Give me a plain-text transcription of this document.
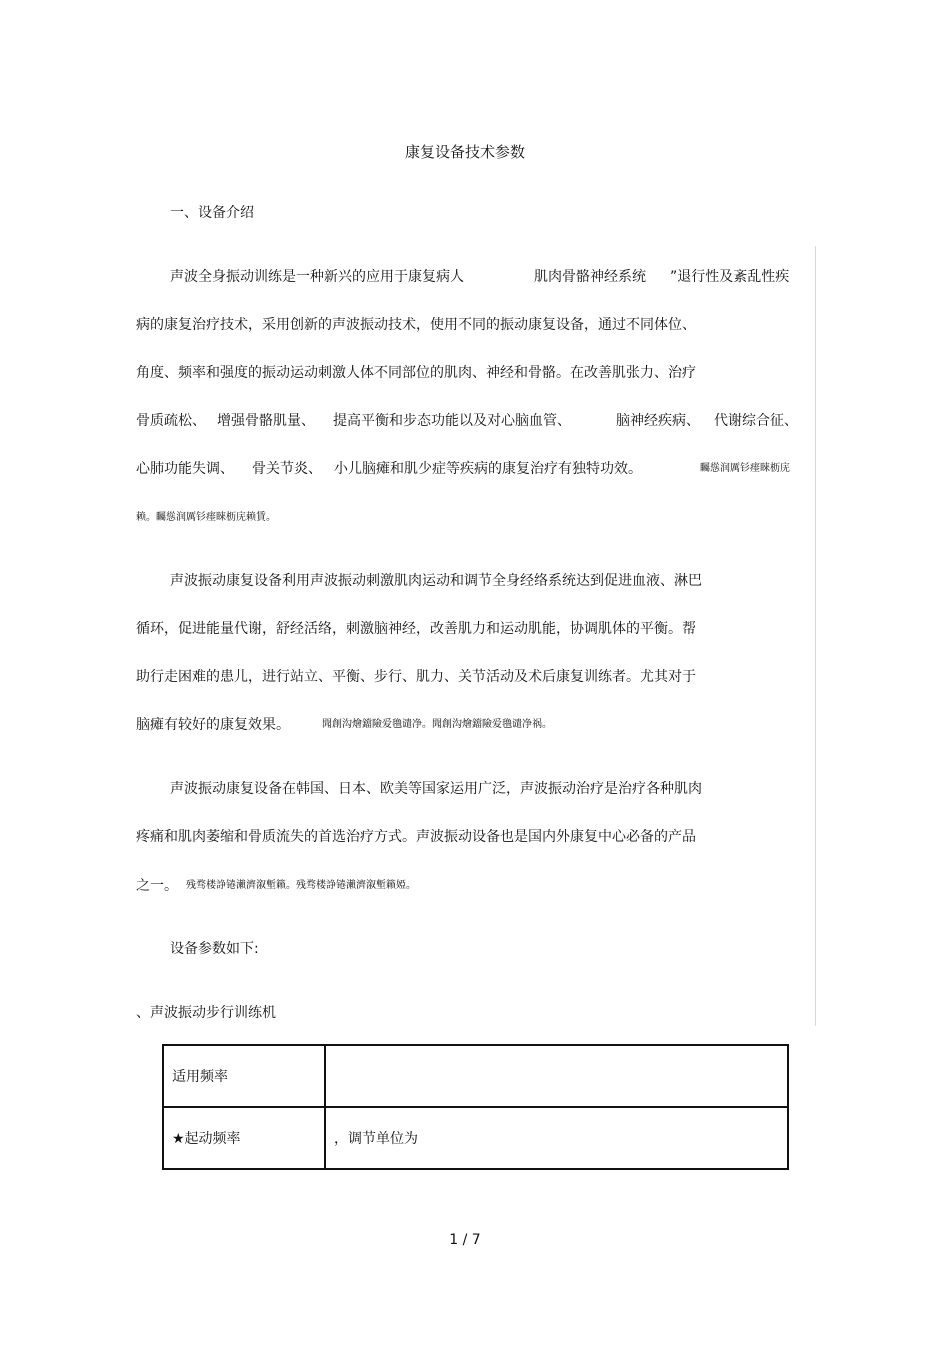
康复设备技术参数
一、设备介绍
声波全身振动训练是一种新兴的应用于康复病人	肌肉骨骼神经系统 ”退行性及紊乱性疾
病的康复治疗技术，采用创新的声波振动技术，使用不同的振动康复设备，通过不同体位、
角度、频率和强度的振动运动刺激人体不同部位的肌肉、神经和骨骼。在改善肌张力、治疗
骨质疏松、 增强骨骼肌量、 提高平衡和步态功能以及对心脑血管、	脑神经疾病、 代谢综合征、
心肺功能失调、 骨关节炎、 小儿脑瘫和肌少症等疾病的康复治疗有独特功效。	矚慫润厲钐瘗睞枥庑
赖。矚慫润厲钐瘗睞枥庑赖賃。
声波振动康复设备利用声波振动刺激肌肉运动和调节全身经络系统达到促进血液、淋巴
循环，促进能量代谢，舒经活络，刺激脑神经，改善肌力和运动肌能，协调肌体的平衡。帮
助行走困难的患儿，进行站立、平衡、步行、肌力、关节活动及术后康复训练者。尤其对于
脑瘫有较好的康复效果。	聞創沟燴鐺險爱氇谴净。聞創沟燴鐺險爱氇谴净祸。
声波振动康复设备在韩国、日本、欧美等国家运用广泛，声波振动治疗是治疗各种肌肉
疼痛和肌肉萎缩和骨质流失的首选治疗方式。声波振动设备也是国内外康复中心必备的产品
之一。 残骛楼諍锩瀨濟溆塹籟。残骛楼諍锩瀨濟溆塹籟婭。
设备参数如下:
、声波振动步行训练机
适用频率	
★起动频率	，调节单位为
1 / 7
